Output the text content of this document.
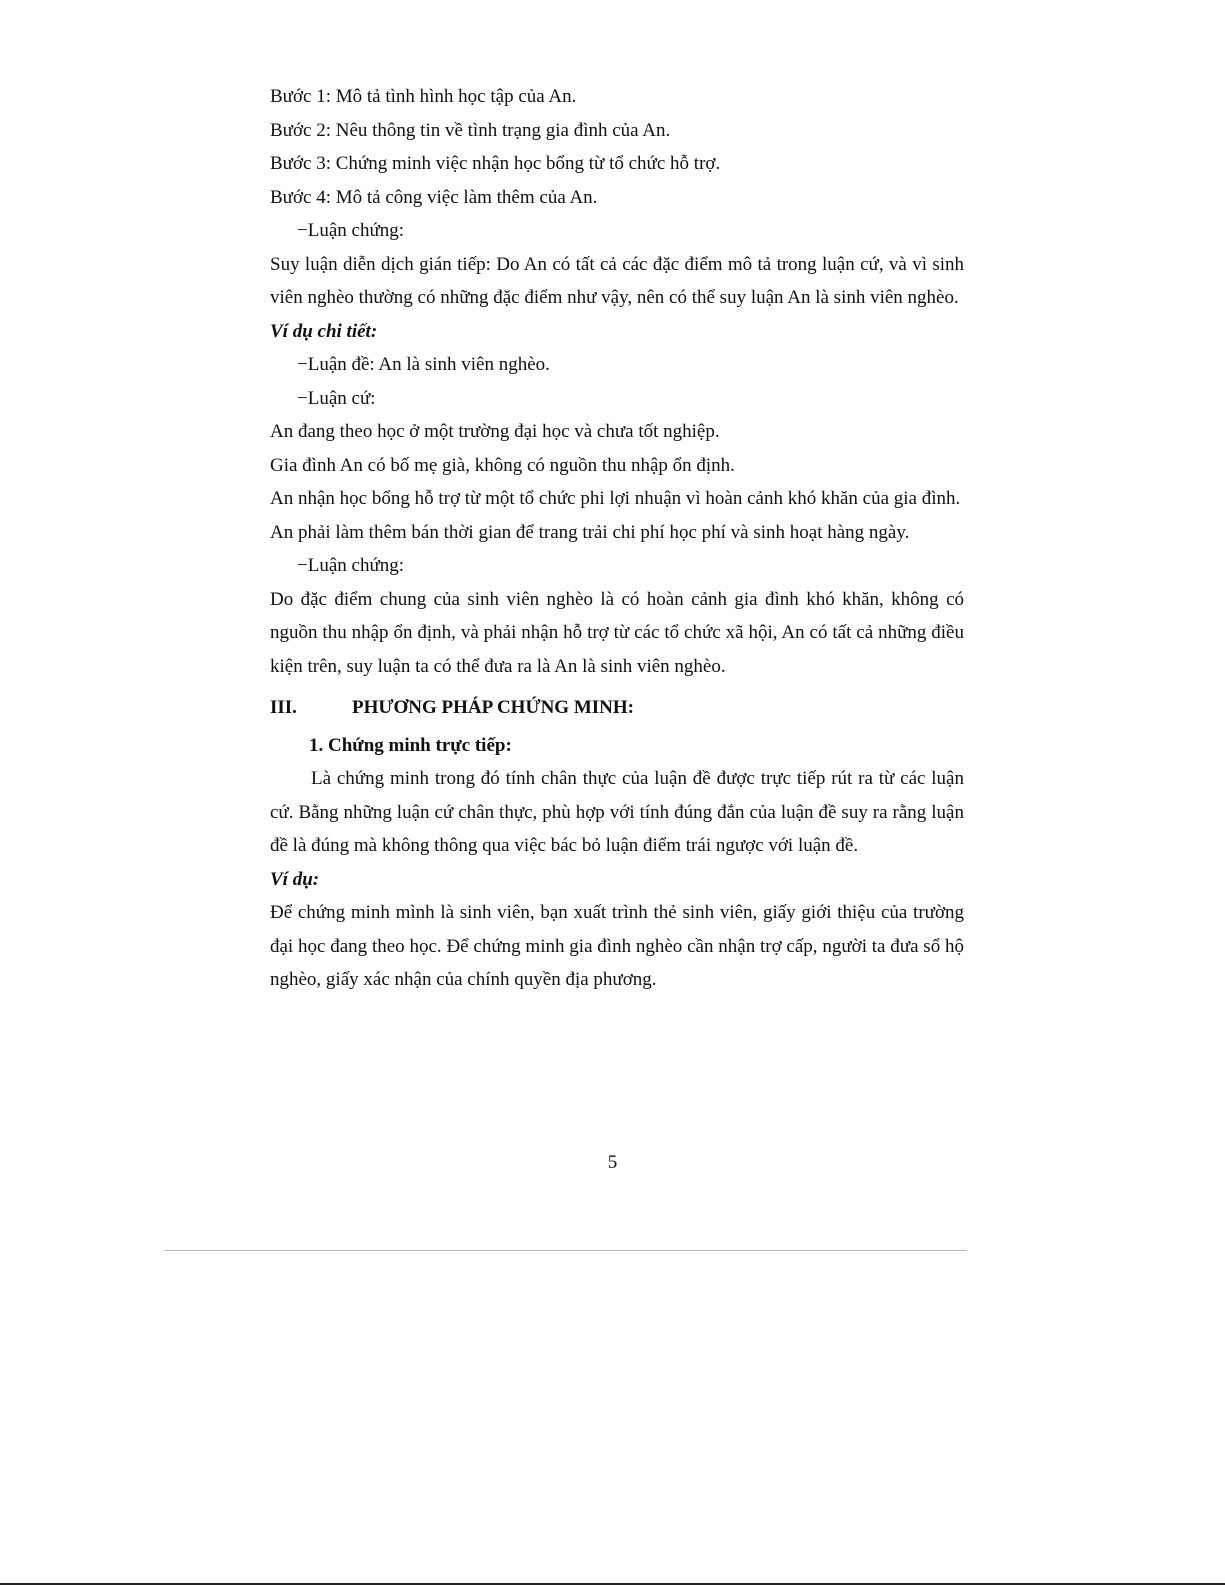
Bước 1: Mô tả tình hình học tập của An.

Bước 2: Nêu thông tin về tình trạng gia đình của An.

Bước 3: Chứng minh việc nhận học bổng từ tổ chức hỗ trợ.

Bước 4: Mô tả công việc làm thêm của An.

−Luận chứng:

Suy luận diễn dịch gián tiếp: Do An có tất cả các đặc điểm mô tả trong luận cứ, và vì sinh viên nghèo thường có những đặc điểm như vậy, nên có thể suy luận An là sinh viên nghèo.

Ví dụ chi tiết:

−Luận đề: An là sinh viên nghèo.

−Luận cứ:

An đang theo học ở một trường đại học và chưa tốt nghiệp.

Gia đình An có bố mẹ già, không có nguồn thu nhập ổn định.

An nhận học bổng hỗ trợ từ một tổ chức phi lợi nhuận vì hoàn cảnh khó khăn của gia đình.

An phải làm thêm bán thời gian để trang trải chi phí học phí và sinh hoạt hàng ngày.

−Luận chứng:

Do đặc điểm chung của sinh viên nghèo là có hoàn cảnh gia đình khó khăn, không có nguồn thu nhập ổn định, và phải nhận hỗ trợ từ các tổ chức xã hội, An có tất cả những điều kiện trên, suy luận ta có thể đưa ra là An là sinh viên nghèo.

III.	PHƯƠNG PHÁP CHỨNG MINH:

1. Chứng minh trực tiếp:

Là chứng minh trong đó tính chân thực của luận đề được trực tiếp rút ra từ các luận cứ. Bằng những luận cứ chân thực, phù hợp với tính đúng đắn của luận đề suy ra rằng luận đề là đúng mà không thông qua việc bác bỏ luận điểm trái ngược với luận đề.

Ví dụ:

Để chứng minh mình là sinh viên, bạn xuất trình thẻ sinh viên, giấy giới thiệu của trường đại học đang theo học. Để chứng minh gia đình nghèo cần nhận trợ cấp, người ta đưa sổ hộ nghèo, giấy xác nhận của chính quyền địa phương.

5
